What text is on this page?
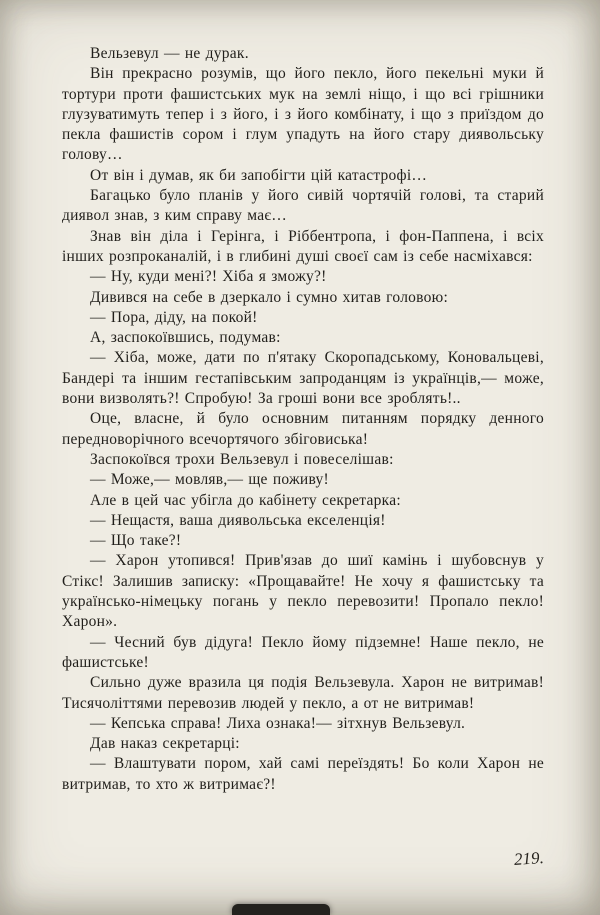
Вельзевул — не дурак.

Він прекрасно розумів, що його пекло, його пекельні муки й тортури проти фашистських мук на землі ніщо, і що всі грішники глузуватимуть тепер і з його, і з його комбінату, і що з приїздом до пекла фашистів сором і глум упадуть на його стару диявольську голову…

От він і думав, як би запобігти цій катастрофі…

Багацько було планів у його сивій чортячій голові, та старий диявол знав, з ким справу має…

Знав він діла і Герінга, і Ріббентропа, і фон-Паппена, і всіх інших розпроканалій, і в глибині душі своєї сам із себе насміхався:

— Ну, куди мені?! Хіба я зможу?!

Дивився на себе в дзеркало і сумно хитав головою:

— Пора, діду, на покой!

А, заспокоївшись, подумав:

— Хіба, може, дати по п'ятаку Скоропадському, Коновальцеві, Бандері та іншим гестапівським запроданцям із українців,— може, вони визволять?! Спробую! За гроші вони все зроблять!..

Оце, власне, й було основним питанням порядку денного передноворічного всечортячого збіговиська!

Заспокоївся трохи Вельзевул і повеселішав:

— Може,— мовляв,— ще поживу!

Але в цей час убігла до кабінету секретарка:

— Нещастя, ваша диявольська екселенція!

— Що таке?!

— Харон утопився! Прив'язав до шиї камінь і шубовснув у Стікс! Залишив записку: «Прощавайте! Не хочу я фашистську та українсько-німецьку погань у пекло перевозити! Пропало пекло! Харон».

— Чесний був дідуга! Пекло йому підземне! Наше пекло, не фашистське!

Сильно дуже вразила ця подія Вельзевула. Харон не витримав! Тисячоліттями перевозив людей у пекло, а от не витримав!

— Кепська справа! Лиха ознака!— зітхнув Вельзевул.

Дав наказ секретарці:

— Влаштувати пором, хай самі переїздять! Бо коли Харон не витримав, то хто ж витримає?!

219.
